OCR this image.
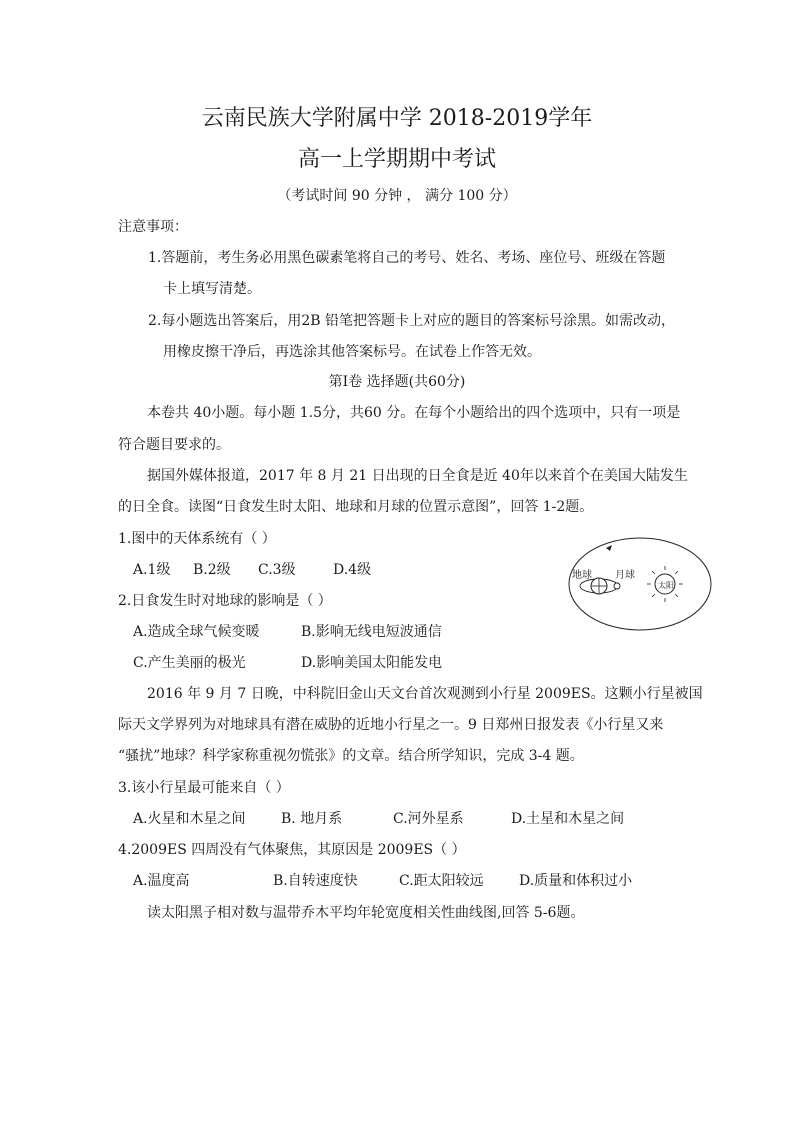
云南民族大学附属中学 2018-2019学年
高一上学期期中考试
（考试时间 90 分钟 ， 满分 100 分）
注意事项：
1.答题前，考生务必用黑色碳素笔将自己的考号、姓名、考场、座位号、班级在答题
卡上填写清楚。
2.每小题选出答案后，用2B 铅笔把答题卡上对应的题目的答案标号涂黑。如需改动，
用橡皮擦干净后，再选涂其他答案标号。在试卷上作答无效。
第Ⅰ卷 选择题(共60分)
本卷共 40小题。每小题 1.5分，共60 分。在每个小题给出的四个选项中，只有一项是
符合题目要求的。
据国外媒体报道，2017 年 8 月 21 日出现的日全食是近 40年以来首个在美国大陆发生
的日全食。读图“日食发生时太阳、地球和月球的位置示意图”，回答 1-2题。
1.图中的天体系统有（ ）
A.1级 B.2级 C.3级	D.4级	地球 月球
太阳
2.日食发生时对地球的影响是（ ）
A.造成全球气候变暖	B.影响无线电短波通信
C.产生美丽的极光	D.影响美国太阳能发电
2016 年 9 月 7 日晚，中科院旧金山天文台首次观测到小行星 2009ES。这颗小行星被国
际天文学界列为对地球具有潜在威胁的近地小行星之一。9 日郑州日报发表《小行星又来
“骚扰”地球？科学家称重视勿慌张》的文章。结合所学知识，完成 3-4 题。
3.该小行星最可能来自（ ）
A.火星和木星之间	B. 地月系	C.河外星系	D.土星和木星之间
4.2009ES 四周没有气体聚焦，其原因是 2009ES（ ）
A.温度高	B.自转速度快	C.距太阳较远	D.质量和体积过小
读太阳黑子相对数与温带乔木平均年轮宽度相关性曲线图,回答 5-6题。
